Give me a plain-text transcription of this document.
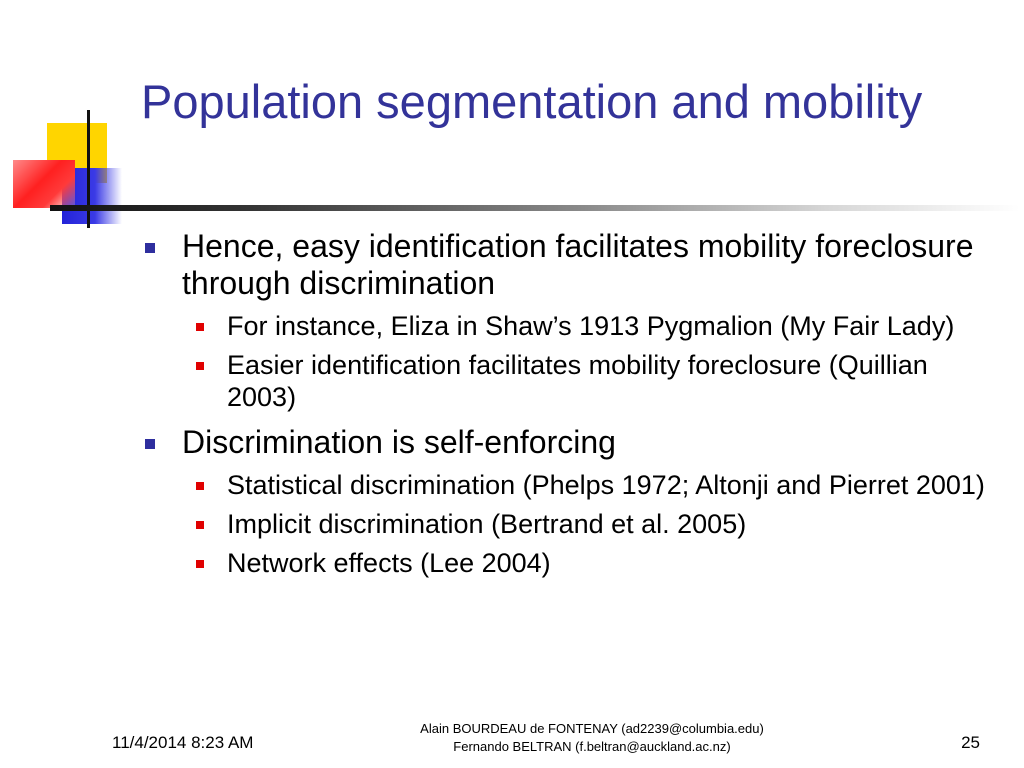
Population segmentation and mobility
Hence, easy identification facilitates mobility foreclosure through discrimination
For instance, Eliza in Shaw’s 1913 Pygmalion (My Fair Lady)
Easier identification facilitates mobility foreclosure (Quillian 2003)
Discrimination is self-enforcing
Statistical discrimination (Phelps 1972; Altonji and Pierret 2001)
Implicit discrimination (Bertrand et al. 2005)
Network effects (Lee 2004)
11/4/2014 8:23 AM
Alain BOURDEAU de FONTENAY (ad2239@columbia.edu)
Fernando BELTRAN (f.beltran@auckland.ac.nz)	25
